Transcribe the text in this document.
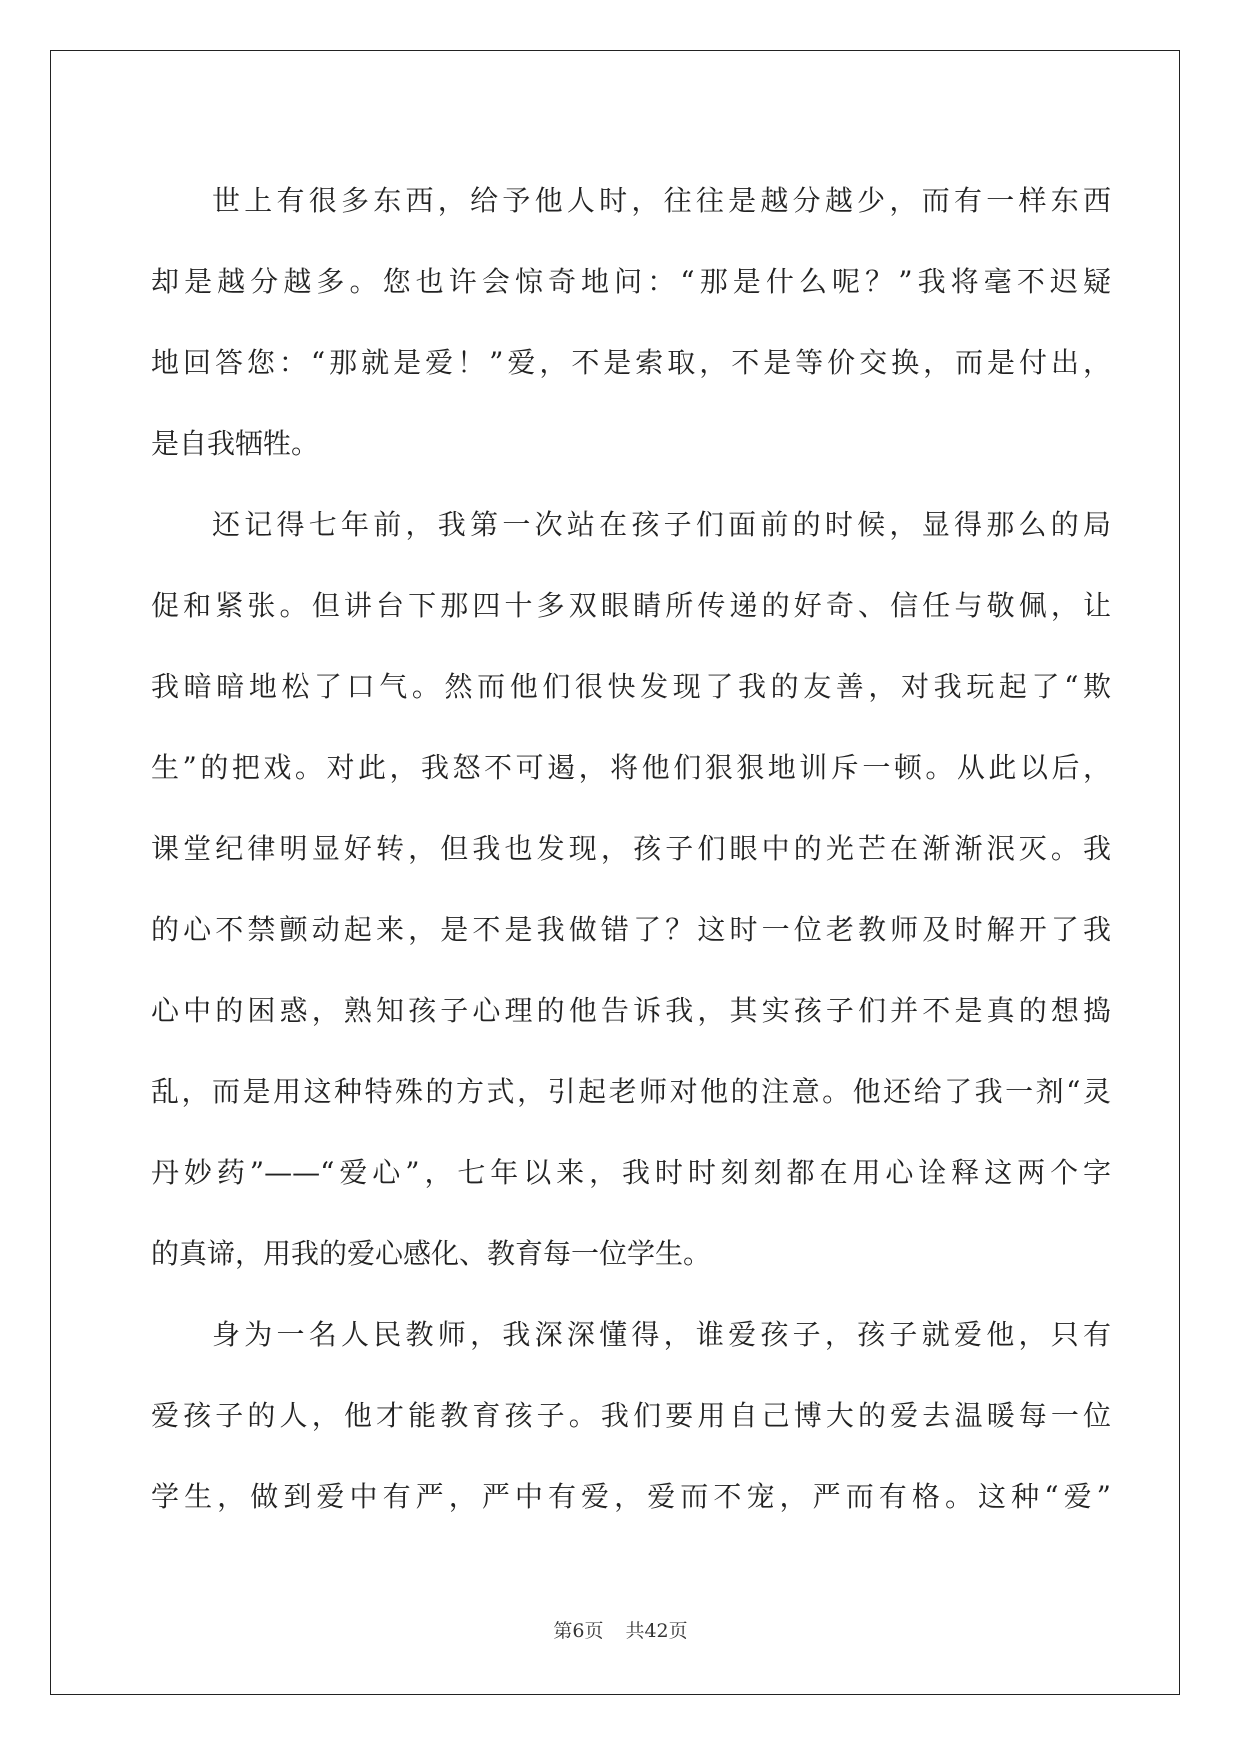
世上有很多东西，给予他人时，往往是越分越少，而有一样东西
却是越分越多。您也许会惊奇地问：“那是什么呢？”我将毫不迟疑
地回答您：“那就是爱！”爱，不是索取，不是等价交换，而是付出，
是自我牺牲。
还记得七年前，我第一次站在孩子们面前的时候，显得那么的局
促和紧张。但讲台下那四十多双眼睛所传递的好奇、信任与敬佩，让
我暗暗地松了口气。然而他们很快发现了我的友善，对我玩起了“欺
生”的把戏。对此，我怒不可遏，将他们狠狠地训斥一顿。从此以后，
课堂纪律明显好转，但我也发现，孩子们眼中的光芒在渐渐泯灭。我
的心不禁颤动起来，是不是我做错了？这时一位老教师及时解开了我
心中的困惑，熟知孩子心理的他告诉我，其实孩子们并不是真的想捣
乱，而是用这种特殊的方式，引起老师对他的注意。他还给了我一剂“灵
丹妙药”——“爱心”，七年以来，我时时刻刻都在用心诠释这两个字
的真谛，用我的爱心感化、教育每一位学生。
身为一名人民教师，我深深懂得，谁爱孩子，孩子就爱他，只有
爱孩子的人，他才能教育孩子。我们要用自己博大的爱去温暖每一位
学生，做到爱中有严，严中有爱，爱而不宠，严而有格。这种“爱”
第6页 共42页
